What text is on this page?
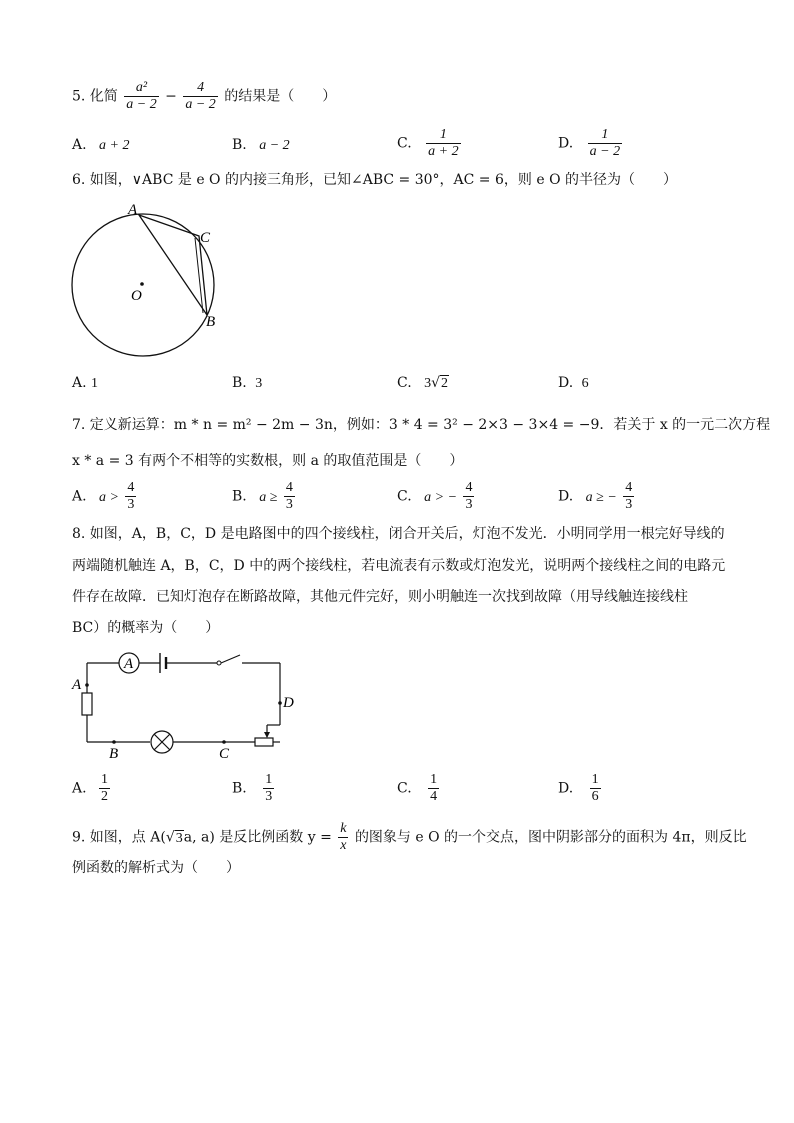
5. 化简 $\frac{\text{a²}}{a - 2} - \frac{4}{a - 2}$ 的结果是（　　）
A. a + 2	B. a − 2	C. $\frac{1}{a + 2}$	D. $\frac{1}{a - 2}$
6. 如图，∨ABC 是 e O 的内接三角形，已知∠ABC = 30°，AC = 6，则 e O 的半径为（　　）
A
C
B
O
A. 1	B. 3	C. 3√2	D. 6
7. 定义新运算：m * n = m² − 2m − 3n，例如：3 * 4 = 3² − 2×3 − 3×4 = −9．若关于 x 的一元二次方程
x * a = 3 有两个不相等的实数根，则 a 的取值范围是（　　）
A. $a > \frac{4}{3}$	B. $a \ge \frac{4}{3}$	C. a > − $\frac{4}{3}$	D. a ≥ − $\frac{4}{3}$
8. 如图，A，B，C，D 是电路图中的四个接线柱，闭合开关后，灯泡不发光．小明同学用一根完好导线的
两端随机触连 A，B，C，D 中的两个接线柱，若电流表有示数或灯泡发光，说明两个接线柱之间的电路元
件存在故障．已知灯泡存在断路故障，其他元件完好，则小明触连一次找到故障（用导线触连接线柱
BC）的概率为（　　）
A
A
B	C
D
A. $\frac{1}{2}$	B. $\frac{1}{3}$	C. $\frac{1}{4}$	D. $\frac{1}{6}$
9. 如图，点 A(√3a, a) 是反比例函数 $y = \frac{k}{x}$ 的图象与 e O 的一个交点，图中阴影部分的面积为 4π，则反比
例函数的解析式为（　　）
